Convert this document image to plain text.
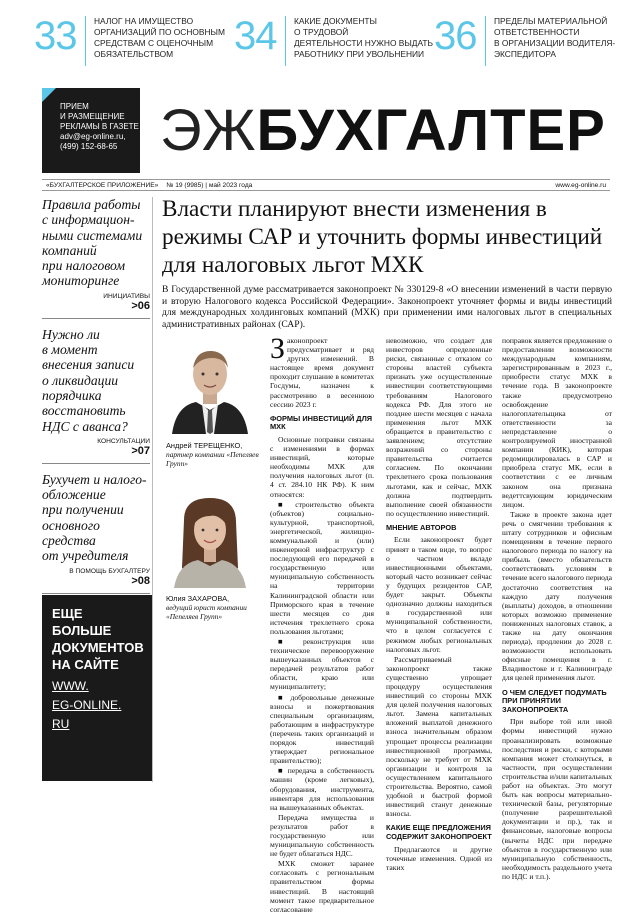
33 НАЛОГ НА ИМУЩЕСТВО
ОРГАНИЗАЦИЙ ПО ОСНОВНЫМ
СРЕДСТВАМ С ОЦЕНОЧНЫМ
ОБЯЗАТЕЛЬСТВОМ	34 КАКИЕ ДОКУМЕНТЫ
О ТРУДОВОЙ
ДЕЯТЕЛЬНОСТИ НУЖНО ВЫДАТЬ
РАБОТНИКУ ПРИ УВОЛЬНЕНИИ 36 ПРЕДЕЛЫ МАТЕРИАЛЬНОЙ
ОТВЕТСТВЕННОСТИ
В ОРГАНИЗАЦИИ ВОДИТЕЛЯ-
ЭКСПЕДИТОРА
ПРИЕМ
И РАЗМЕЩЕНИЕ
РЕКЛАМЫ В ГАЗЕТЕ
adv@eg-online.ru,
(499) 152-68-65 ЭЖБУХГАЛТЕР
«БУХГАЛТЕРСКОЕ ПРИЛОЖЕНИЕ»	№ 19 (9985) | май 2023 года	www.eg-online.ru
Правила работы
с информацион-
ными системами
компаний
при налоговом
мониторинге
ИНИЦИАТИВЫ
>06
Нужно ли
в момент
внесения записи
о ликвидации
порядчика
восстановить
НДС с аванса?
КОНСУЛЬТАЦИИ
>07
Бухучет и налого-
обложение
при получении
основного
средства
от учредителя
В ПОМОЩЬ БУХГАЛТЕРУ
>08
ЕЩЕ
БОЛЬШЕ
ДОКУМЕНТОВ
НА САЙТЕ
WWW.
EG-ONLINE.
RU
Власти планируют внести изменения в режимы САР и уточнить формы инвестиций для налоговых льгот МХК

В Государственной думе рассматривается законопроект № 330129-8 «О внесении изменений в части первую и вторую Налогового кодекса Российской Федерации». Законопроект уточняет формы и виды инвестиций для международных холдинговых компаний (МХК) при применении ими налоговых льгот в специальных административных районах (САР).

Андрей ТЕРЕЩЕНКО,
партнер компании «Пепеляев Групп»
Юлия ЗАХАРОВА,
ведущий юрист компании «Пепеляев Групп»

Законопроект предусматривает и ряд других изменений. В настоящее время документ проходит слушание в комитетах Госдумы, назначен к рассмотрению в весеннюю сессию 2023 г.

ФОРМЫ ИНВЕСТИЦИЙ ДЛЯ МХК

Основные поправки связаны с изменениями в формах инвестиций, которые необходимы МХК для получения налоговых льгот (п. 4 ст. 284.10 НК РФ). К ним относятся:

■ строительство объекта (объектов) социально-культурной, транспортной, энергетической, жилищно-коммунальной и (или) инженерной инфраструктур с последующей его передачей в государственную или муниципальную собственность на территории Калининградской области или Приморского края в течение шести месяцев со дня истечения трехлетнего срока пользования льготами;

■ реконструкция или техническое перевооружение вышеуказанных объектов с передачей результатов работ области, краю или муниципалитету;

■ добровольные денежные взносы и пожертвования специальным организациям, работающим в инфраструктуре (перечень таких организаций и порядок инвестиций утверждает региональное правительство);

■ передача в собственность машин (кроме легковых), оборудования, инструмента, инвентаря для использования на вышеуказанных объектах.

Передача имущества и результатов работ в государственную или муниципальную собственность не будет облагаться НДС.

МХК сможет заранее согласовать с региональным правительством формы инвестиций. В настоящий момент такое предварительное согласование

невозможно, что создает для инвесторов определенные риски, связанные с отказом со стороны властей субъекта признать уже осуществленные инвестиции соответствующими требованиям Налогового кодекса РФ. Для этого не позднее шести месяцев с начала применения льгот МХК обращается в правительство с заявлением; отсутствие возражений со стороны правительства считается согласием. По окончании трехлетнего срока пользования льготами, как и сейчас, МХК должна подтвердить выполнение своей обязанности по осуществлению инвестиций.

МНЕНИЕ АВТОРОВ

Если законопроект будет принят в таком виде, то вопрос о частном вкладе инвестиционными объектами, который часто возникает сейчас у будущих резидентов САР, будет закрыт. Объекты однозначно должны находиться в государственной или муниципальной собственности, что в целом согласуется с режимом любых региональных налоговых льгот.

Рассматриваемый законопроект также существенно упрощает процедуру осуществления инвестиций со стороны МХК для целей получения налоговых льгот. Замена капитальных вложений выплатой денежного взноса значительным образом упрощает процессы реализации инвестиционной программы, поскольку не требует от МХК организации и контроля за осуществлением капитального строительства. Вероятно, самой удобной и быстрой формой инвестиций станут денежные взносы.

КАКИЕ ЕЩЕ ПРЕДЛОЖЕНИЯ СОДЕРЖИТ ЗАКОНОПРОЕКТ

Предлагаются и другие точечные изменения. Одной из таких

поправок является предложение о предоставлении возможности международным компаниям, зарегистрированным в 2023 г., приобрести статус МХК в течение года. В законопроекте также предусмотрено освобождение налогоплательщика от ответственности за непредставление о контролируемой иностранной компании (КИК), которая редомицилировалась в САР и приобрела статус МК, если в соответствии с ее личным законом она признана ведеттсвующим юридическим лицом.

Также в проекте закона идет речь о смягчении требования к штату сотрудников и офисным помещениям в течение первого налогового периода по налогу на прибыль (вместо обязательств соответствовать условиям в течение всего налогового периода достаточно соответствия на каждую дату получения (выплаты) доходов, в отношении которых возможно применение пониженных налоговых ставок, а также на дату окончания периода), продлении до 2028 г. возможности использовать офисные помещения в г. Владивостоке и г. Калининграде для целей применения льгот.

О ЧЕМ СЛЕДУЕТ ПОДУМАТЬ ПРИ ПРИНЯТИИ ЗАКОНОПРОЕКТА

При выборе той или иной формы инвестиций нужно проанализировать возможные последствия и риски, с которыми компания может столкнуться, в частности, при осуществлении строительства и/или капитальных работ на объектах. Это могут быть как вопросы материально-технической базы, регуляторные (получение разрешительной документации и пр.), так и финансовые, налоговые вопросы (вычеты НДС при передаче объектов в государственную или муниципальную собственность, необходимость раздельного учета по НДС и т.п.).
